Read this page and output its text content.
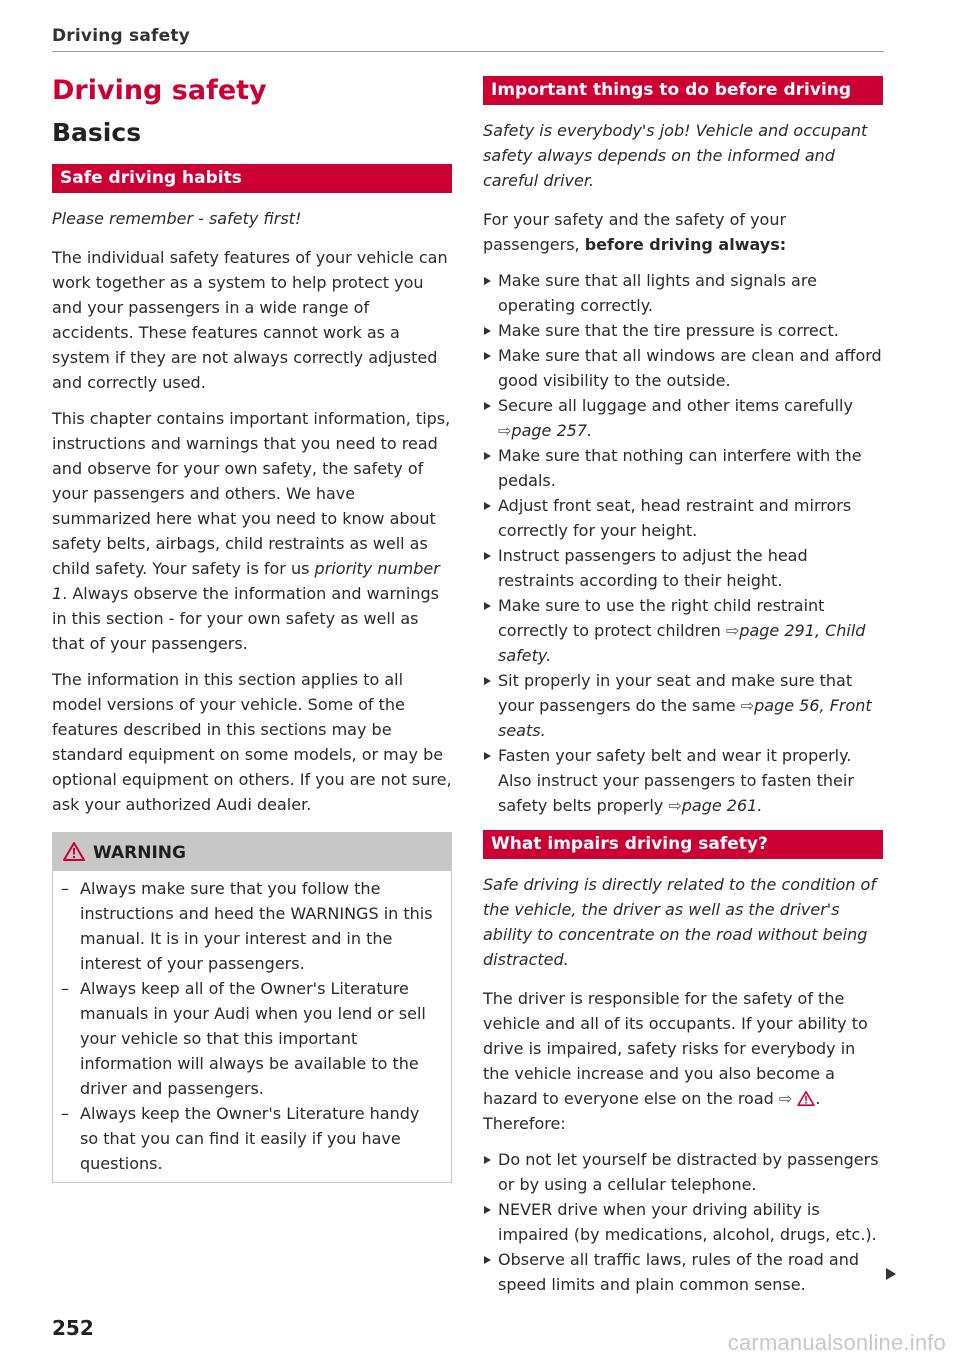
Driving safety
Driving safety
Basics
Safe driving habits

Please remember - safety first!

The individual safety features of your vehicle can work together as a system to help protect you and your passengers in a wide range of accidents. These features cannot work as a system if they are not always correctly adjusted and correctly used.

This chapter contains important information, tips, instructions and warnings that you need to read and observe for your own safety, the safety of your passengers and others. We have summarized here what you need to know about safety belts, airbags, child restraints as well as child safety. Your safety is for us priority number 1. Always observe the information and warnings in this section - for your own safety as well as that of your passengers.

The information in this section applies to all model versions of your vehicle. Some of the features described in this sections may be standard equipment on some models, or may be optional equipment on others. If you are not sure, ask your authorized Audi dealer.

WARNING
– Always make sure that you follow the instructions and heed the WARNINGS in this manual. It is in your interest and in the interest of your passengers.
– Always keep all of the Owner's Literature manuals in your Audi when you lend or sell your vehicle so that this important information will always be available to the driver and passengers.
– Always keep the Owner's Literature handy so that you can find it easily if you have questions.
Important things to do before driving

Safety is everybody's job! Vehicle and occupant safety always depends on the informed and careful driver.

For your safety and the safety of your passengers, before driving always:

Make sure that all lights and signals are operating correctly.
Make sure that the tire pressure is correct.
Make sure that all windows are clean and afford good visibility to the outside.
Secure all luggage and other items carefully ⇨page 257.
Make sure that nothing can interfere with the pedals.
Adjust front seat, head restraint and mirrors correctly for your height.
Instruct passengers to adjust the head restraints according to their height.
Make sure to use the right child restraint correctly to protect children ⇨page 291, Child safety.
Sit properly in your seat and make sure that your passengers do the same ⇨page 56, Front seats.
Fasten your safety belt and wear it properly. Also instruct your passengers to fasten their safety belts properly ⇨page 261.
What impairs driving safety?

Safe driving is directly related to the condition of the vehicle, the driver as well as the driver's ability to concentrate on the road without being distracted.

The driver is responsible for the safety of the vehicle and all of its occupants. If your ability to drive is impaired, safety risks for everybody in the vehicle increase and you also become a hazard to everyone else on the road ⇨ . Therefore:

Do not let yourself be distracted by passengers or by using a cellular telephone.
NEVER drive when your driving ability is impaired (by medications, alcohol, drugs, etc.).
Observe all traffic laws, rules of the road and speed limits and plain common sense.
252
carmanualsonline.info
